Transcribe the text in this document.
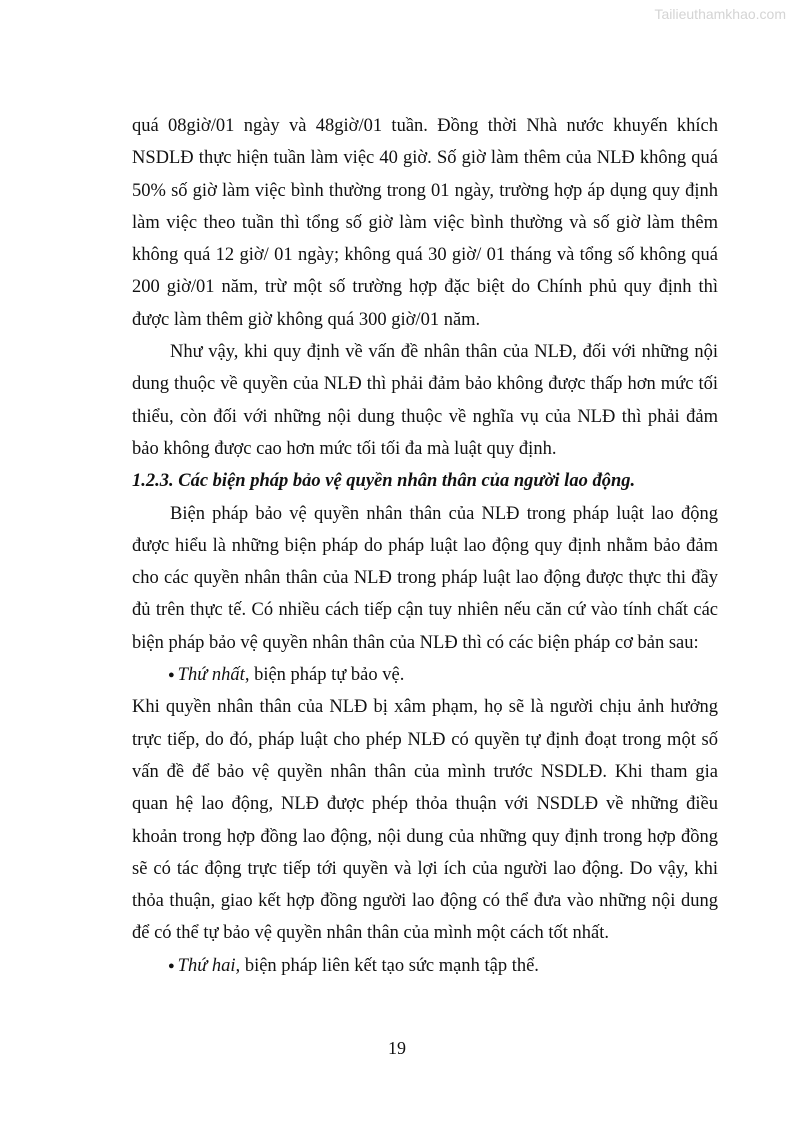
Tailieuthamkhao.com
quá 08giờ/01 ngày và 48giờ/01 tuần. Đồng thời Nhà nước khuyến khích
NSDLĐ thực hiện tuần làm việc 40 giờ. Số giờ làm thêm của NLĐ không quá
50% số giờ làm việc bình thường trong 01 ngày, trường hợp áp dụng quy định
làm việc theo tuần thì tổng số giờ làm việc bình thường và số giờ làm thêm
không quá 12 giờ/ 01 ngày; không quá 30 giờ/ 01 tháng và tổng số không quá
200 giờ/01 năm, trừ một số trường hợp đặc biệt do Chính phủ quy định thì
được làm thêm giờ không quá 300 giờ/01 năm.
Như vậy, khi quy định về vấn đề nhân thân của NLĐ, đối với những nội
dung thuộc về quyền của NLĐ thì phải đảm bảo không được thấp hơn mức tối
thiểu, còn đối với những nội dung thuộc về nghĩa vụ của NLĐ thì phải đảm
bảo không được cao hơn mức tối tối đa mà luật quy định.
1.2.3. Các biện pháp bảo vệ quyền nhân thân của người lao động.
Biện pháp bảo vệ quyền nhân thân của NLĐ trong pháp luật lao động
được hiểu là những biện pháp do pháp luật lao động quy định nhằm bảo đảm
cho các quyền nhân thân của NLĐ trong pháp luật lao động được thực thi đầy
đủ trên thực tế. Có nhiều cách tiếp cận tuy nhiên nếu căn cứ vào tính chất các
biện pháp bảo vệ quyền nhân thân của NLĐ thì có các biện pháp cơ bản sau:
● Thứ nhất, biện pháp tự bảo vệ.
Khi quyền nhân thân của NLĐ bị xâm phạm, họ sẽ là người chịu ảnh hưởng
trực tiếp, do đó, pháp luật cho phép NLĐ có quyền tự định đoạt trong một số
vấn đề để bảo vệ quyền nhân thân của mình trước NSDLĐ. Khi tham gia
quan hệ lao động, NLĐ được phép thỏa thuận với NSDLĐ về những điều
khoản trong hợp đồng lao động, nội dung của những quy định trong hợp đồng
sẽ có tác động trực tiếp tới quyền và lợi ích của người lao động. Do vậy, khi
thỏa thuận, giao kết hợp đồng người lao động có thể đưa vào những nội dung
để có thể tự bảo vệ quyền nhân thân của mình một cách tốt nhất.
● Thứ hai, biện pháp liên kết tạo sức mạnh tập thể.
19
